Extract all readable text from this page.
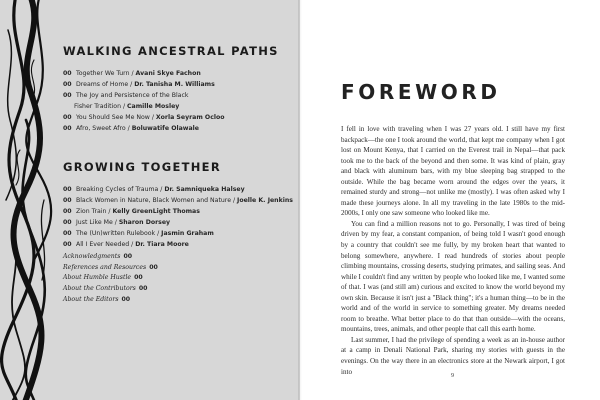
WALKING ANCESTRAL PATHS
00 Together We Turn / Avani Skye Fachon
00 Dreams of Home / Dr. Tanisha M. Williams
00 The Joy and Persistence of the Black
Fisher Tradition / Camille Mosley
00 You Should See Me Now / Xorla Seyram Ocloo
00 Afro, Sweet Afro / Boluwatife Olawale
GROWING TOGETHER
00 Breaking Cycles of Trauma / Dr. Samniqueka Halsey
00 Black Women in Nature, Black Women and Nature / Joelle K. Jenkins
00 Zion Train / Kelly GreenLight Thomas
00 Just Like Me / Sharon Dorsey
00 The (Un)written Rulebook / Jasmin Graham
00 All I Ever Needed / Dr. Tiara Moore
Acknowledgments 00
References and Resources 00
About Humble Hustle 00
About the Contributors 00
About the Editors 00
FOREWORD

I fell in love with traveling when I was 27 years old. I still have my first backpack—the one I took around the world, that kept me company when I got lost on Mount Kenya, that I carried on the Everest trail in Nepal—that pack took me to the back of the beyond and then some. It was kind of plain, gray and black with aluminum bars, with my blue sleeping bag strapped to the outside. While the bag became worn around the edges over the years, it remained sturdy and strong—not unlike me (mostly). I was often asked why I made these journeys alone. In all my traveling in the late 1980s to the mid-2000s, I only one saw someone who looked like me.

You can find a million reasons not to go. Personally, I was tired of being driven by my fear, a constant companion, of being told I wasn't good enough by a country that couldn't see me fully, by my broken heart that wanted to belong somewhere, anywhere. I read hundreds of stories about people climbing mountains, crossing deserts, studying primates, and sailing seas. And while I couldn't find any written by people who looked like me, I wanted some of that. I was (and still am) curious and excited to know the world beyond my own skin. Because it isn't just a "Black thing"; it's a human thing—to be in the world and of the world in service to something greater. My dreams needed room to breathe. What better place to do that than outside—with the oceans, mountains, trees, animals, and other people that call this earth home.

Last summer, I had the privilege of spending a week as an in-house author at a camp in Denali National Park, sharing my stories with guests in the evenings. On the way there in an electronics store at the Newark airport, I got into

9
